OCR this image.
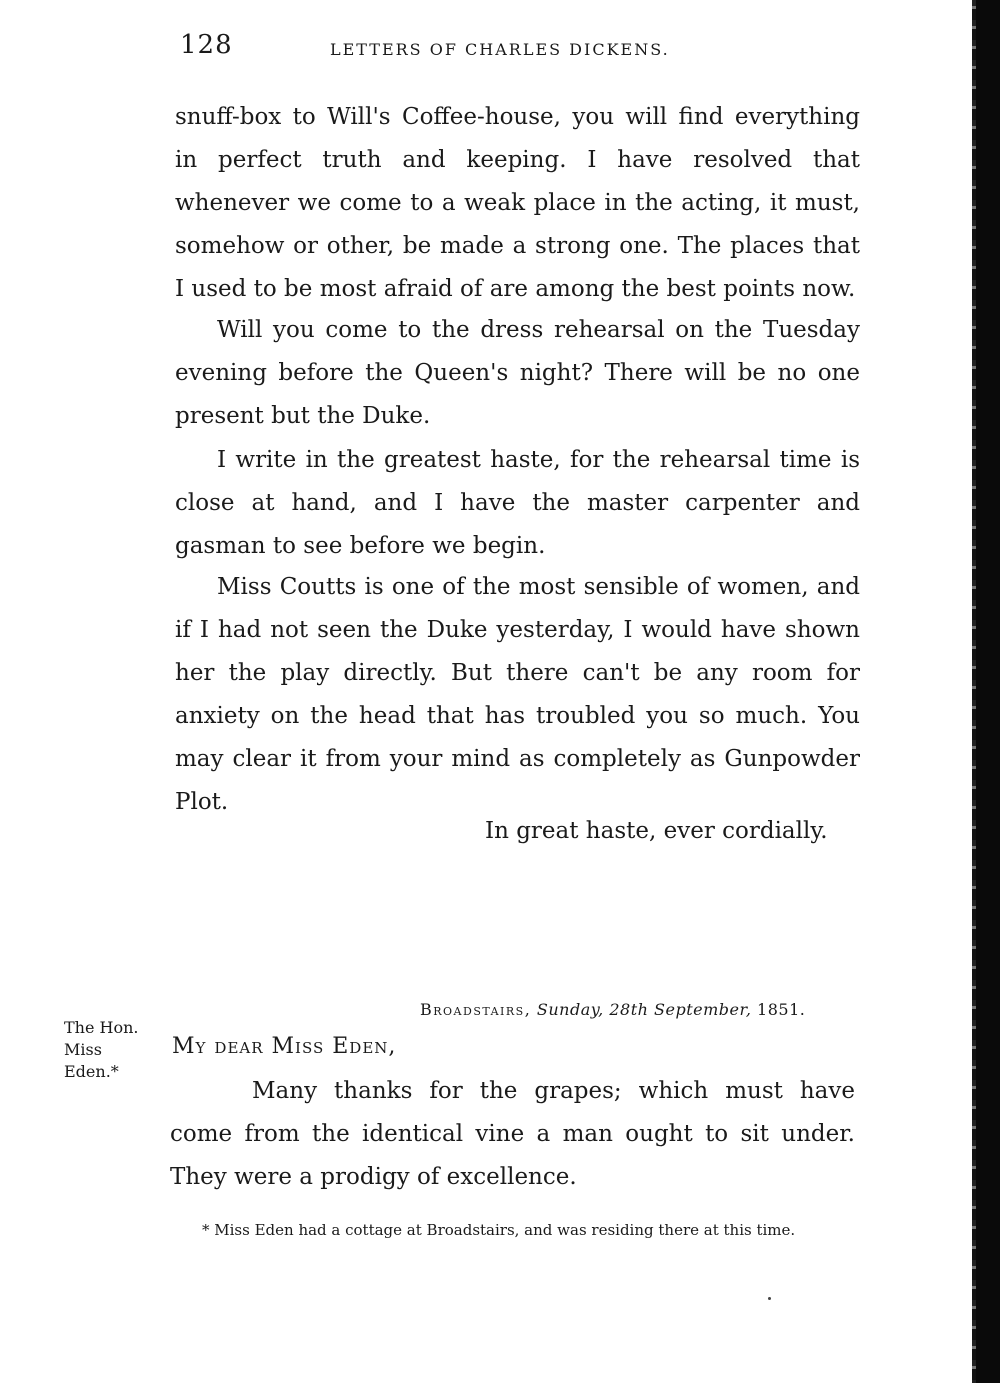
128	LETTERS OF CHARLES DICKENS.

snuff-box to Will's Coffee-house, you will find everything in perfect truth and keeping. I have resolved that whenever we come to a weak place in the acting, it must, somehow or other, be made a strong one. The places that I used to be most afraid of are among the best points now.

Will you come to the dress rehearsal on the Tuesday evening before the Queen's night? There will be no one present but the Duke.

I write in the greatest haste, for the rehearsal time is close at hand, and I have the master carpenter and gasman to see before we begin.

Miss Coutts is one of the most sensible of women, and if I had not seen the Duke yesterday, I would have shown her the play directly. But there can't be any room for anxiety on the head that has troubled you so much. You may clear it from your mind as completely as Gunpowder Plot.

In great haste, ever cordially.
Broadstairs, Sunday, 28th September, 1851.
The Hon.
Miss
Eden.*
My dear Miss Eden,

Many thanks for the grapes; which must have come from the identical vine a man ought to sit under. They were a prodigy of excellence.

* Miss Eden had a cottage at Broadstairs, and was residing there at this time.
